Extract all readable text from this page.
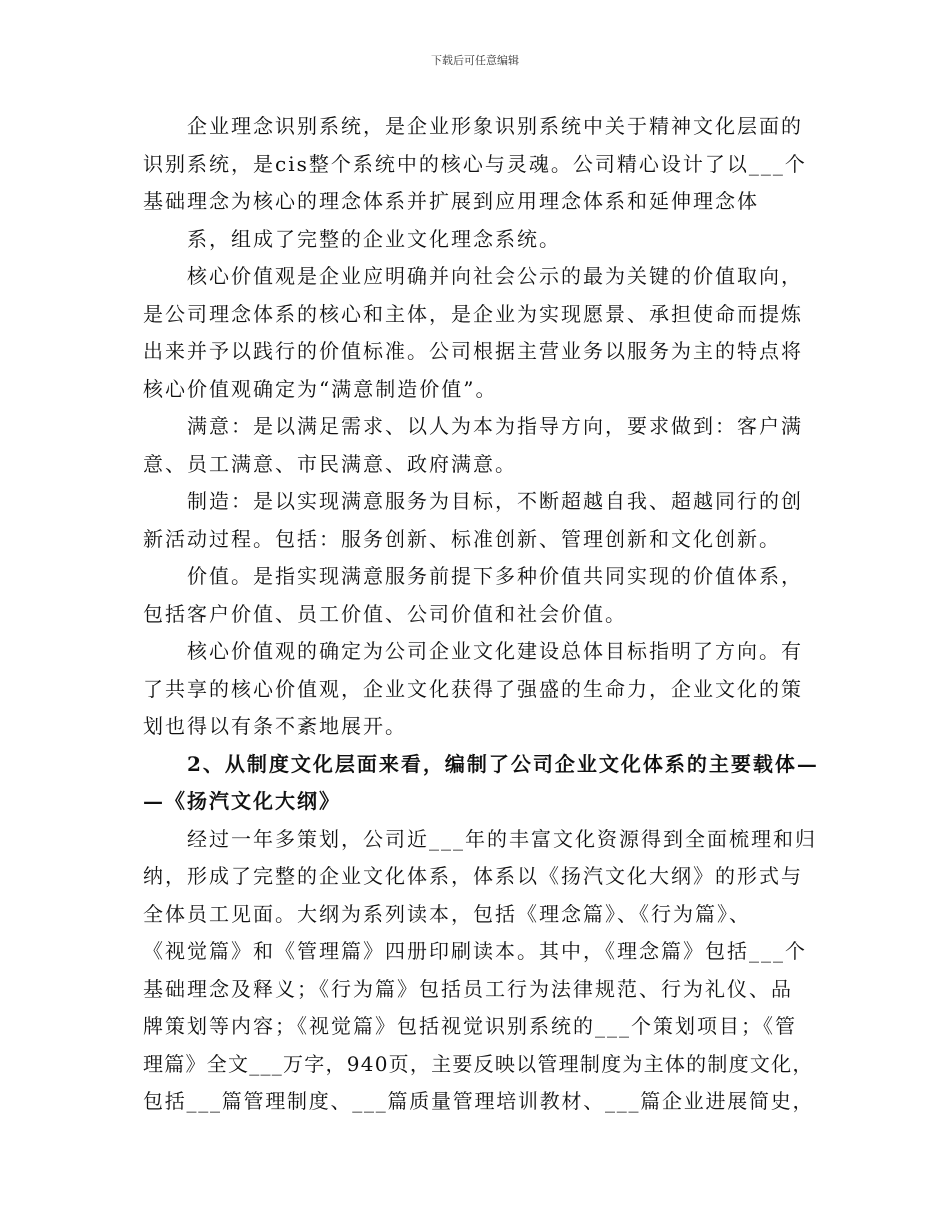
下载后可任意编辑
企业理念识别系统，是企业形象识别系统中关于精神文化层面的
识别系统，是cis整个系统中的核心与灵魂。公司精心设计了以___个
基础理念为核心的理念体系并扩展到应用理念体系和延伸理念体
系，组成了完整的企业文化理念系统。
核心价值观是企业应明确并向社会公示的最为关键的价值取向，
是公司理念体系的核心和主体，是企业为实现愿景、承担使命而提炼
出来并予以践行的价值标准。公司根据主营业务以服务为主的特点将
核心价值观确定为“满意制造价值”。
满意：是以满足需求、以人为本为指导方向，要求做到：客户满
意、员工满意、市民满意、政府满意。
制造：是以实现满意服务为目标，不断超越自我、超越同行的创
新活动过程。包括：服务创新、标准创新、管理创新和文化创新。
价值。是指实现满意服务前提下多种价值共同实现的价值体系，
包括客户价值、员工价值、公司价值和社会价值。
核心价值观的确定为公司企业文化建设总体目标指明了方向。有
了共享的核心价值观，企业文化获得了强盛的生命力，企业文化的策
划也得以有条不紊地展开。
2、从制度文化层面来看，编制了公司企业文化体系的主要载体—
—《扬汽文化大纲》
经过一年多策划，公司近___年的丰富文化资源得到全面梳理和归
纳，形成了完整的企业文化体系，体系以《扬汽文化大纲》的形式与
全体员工见面。大纲为系列读本，包括《理念篇》、《行为篇》、
《视觉篇》和《管理篇》四册印刷读本。其中，《理念篇》包括___个
基础理念及释义；《行为篇》包括员工行为法律规范、行为礼仪、品
牌策划等内容；《视觉篇》包括视觉识别系统的___个策划项目；《管
理篇》全文___万字，940页，主要反映以管理制度为主体的制度文化，
包括___篇管理制度、___篇质量管理培训教材、___篇企业进展简史，
